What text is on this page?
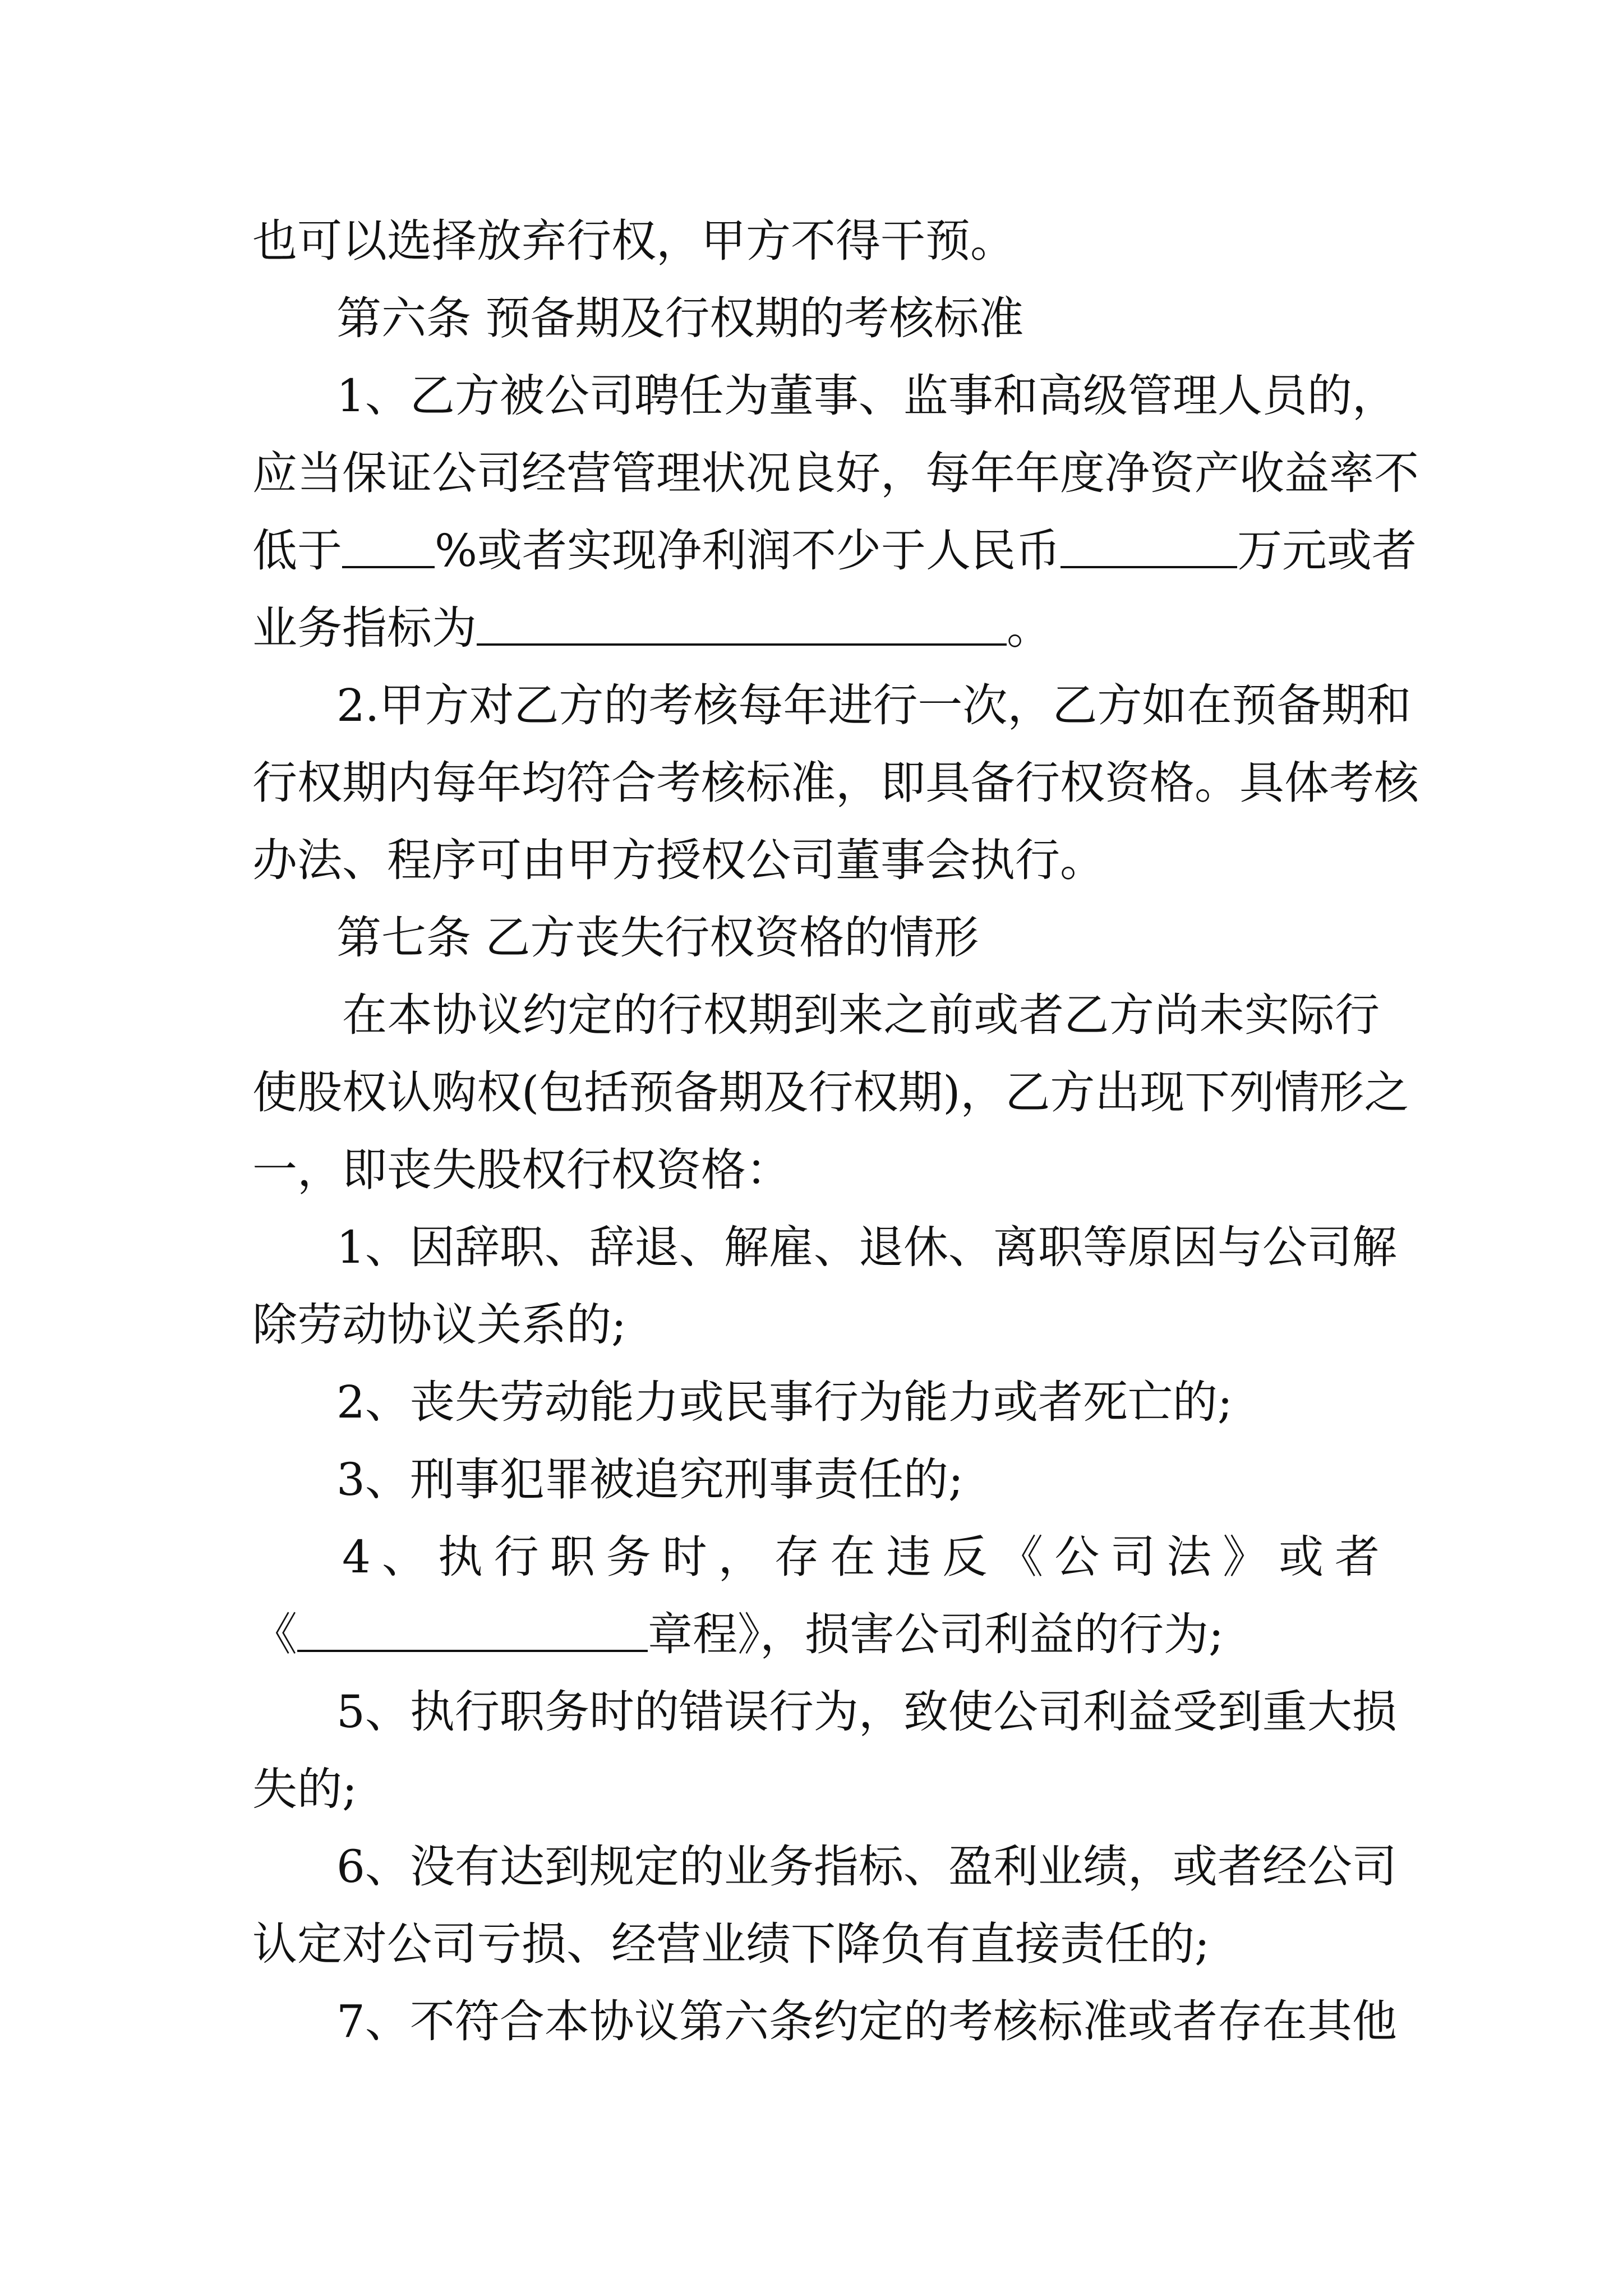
也可以选择放弃行权，甲方不得干预。
第六条 预备期及行权期的考核标准
1、乙方被公司聘任为董事、监事和高级管理人员的，
应当保证公司经营管理状况良好，每年年度净资产收益率不
低于 %或者实现净利润不少于人民币	万元或者
业务指标为	。
2.甲方对乙方的考核每年进行一次，乙方如在预备期和
行权期内每年均符合考核标准，即具备行权资格。具体考核
办法、程序可由甲方授权公司董事会执行。
第七条 乙方丧失行权资格的情形
在本协议约定的行权期到来之前或者乙方尚未实际行
使股权认购权(包括预备期及行权期)，乙方出现下列情形之
一，即丧失股权行权资格：
1、因辞职、辞退、解雇、退休、离职等原因与公司解
除劳动协议关系的;
2、丧失劳动能力或民事行为能力或者死亡的;
3、刑事犯罪被追究刑事责任的;
4、执行职务时，存在违反《公司法》或者
《	章程》，损害公司利益的行为;
5、执行职务时的错误行为，致使公司利益受到重大损
失的;
6、没有达到规定的业务指标、盈利业绩，或者经公司
认定对公司亏损、经营业绩下降负有直接责任的;
7、不符合本协议第六条约定的考核标准或者存在其他
